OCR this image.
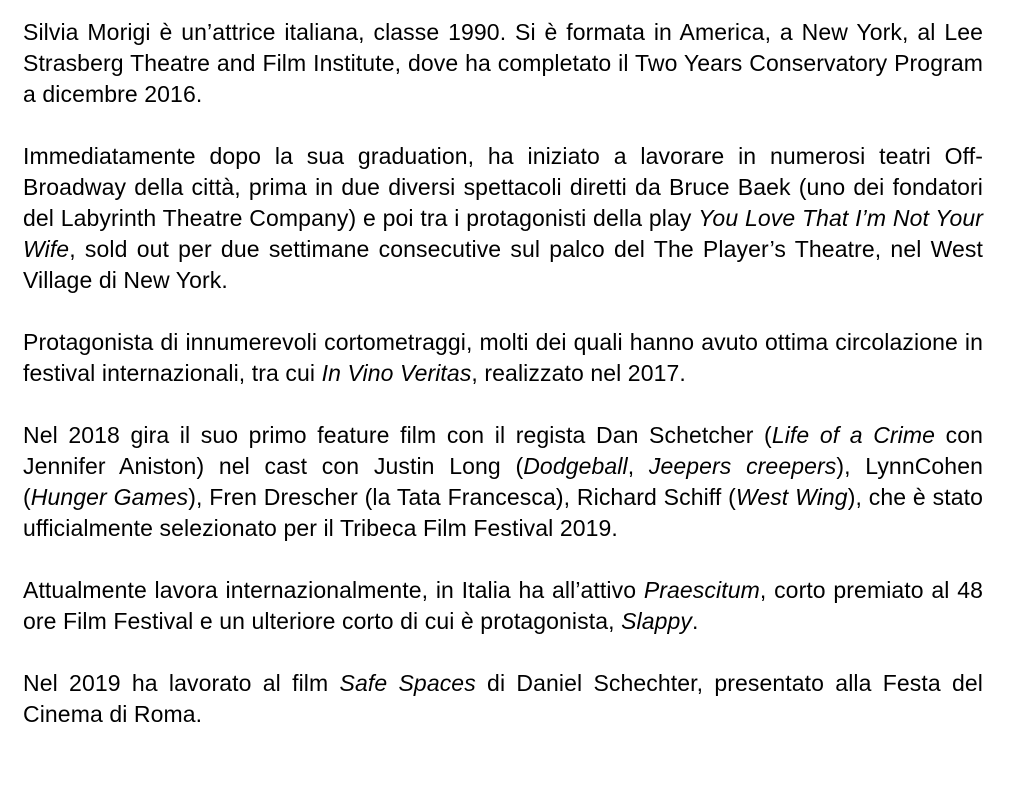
Silvia Morigi è un’attrice italiana, classe 1990. Si è formata in America, a New York, al Lee Strasberg Theatre and Film Institute, dove ha completato il Two Years Conservatory Program a dicembre 2016.

Immediatamente dopo la sua graduation, ha iniziato a lavorare in numerosi teatri Off-Broadway della città, prima in due diversi spettacoli diretti da Bruce Baek (uno dei fondatori del Labyrinth Theatre Company) e poi tra i protagonisti della play You Love That I’m Not Your Wife, sold out per due settimane consecutive sul palco del The Player’s Theatre, nel West Village di New York.

Protagonista di innumerevoli cortometraggi, molti dei quali hanno avuto ottima circolazione in festival internazionali, tra cui In Vino Veritas, realizzato nel 2017.

Nel 2018 gira il suo primo feature film con il regista Dan Schetcher (Life of a Crime con Jennifer Aniston) nel cast con Justin Long (Dodgeball, Jeepers creepers), LynnCohen (Hunger Games), Fren Drescher (la Tata Francesca), Richard Schiff (West Wing), che è stato ufficialmente selezionato per il Tribeca Film Festival 2019.

Attualmente lavora internazionalmente, in Italia ha all’attivo Praescitum, corto premiato al 48 ore Film Festival e un ulteriore corto di cui è protagonista, Slappy.

Nel 2019 ha lavorato al film Safe Spaces di Daniel Schechter, presentato alla Festa del Cinema di Roma.
